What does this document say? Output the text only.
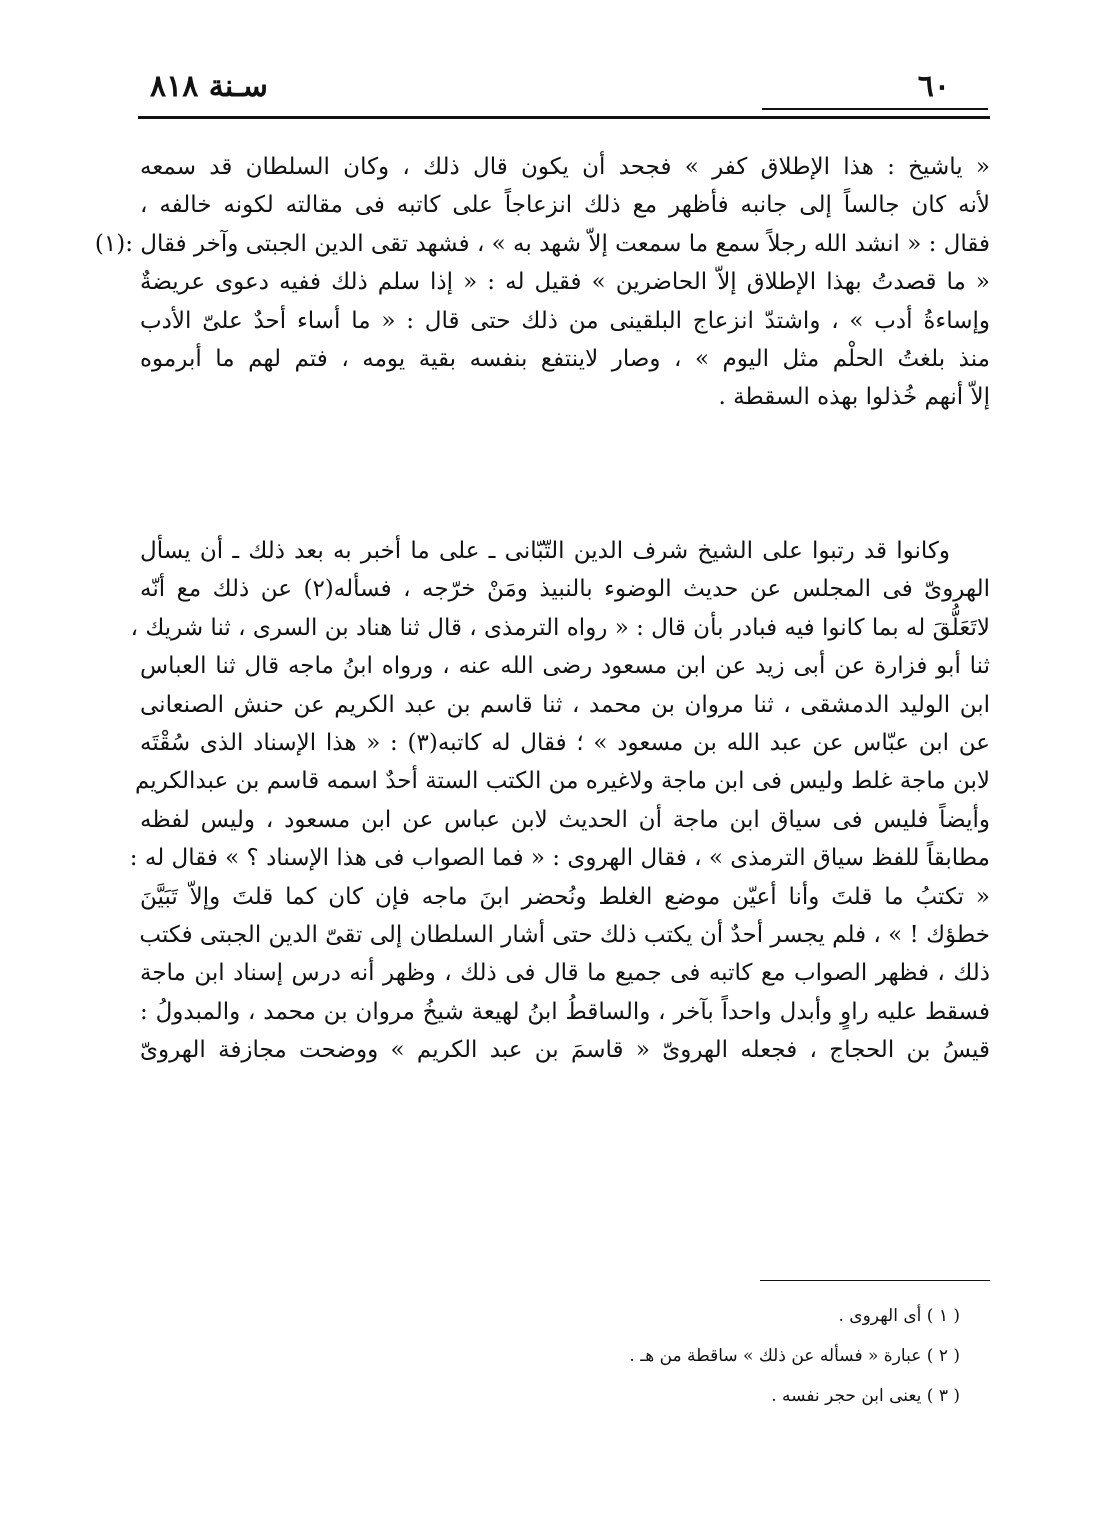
٦٠
سـنة ٨١٨
« ياشيخ : هذا الإطلاق كفر » فجحد أن يكون قال ذلك ، وكان السلطان قد سمعه
لأنه كان جالساً إلى جانبه فأظهر مع ذلك انزعاجاً على كاتبه فى مقالته لكونه خالفه ،
فقال : « انشد الله رجلاً سمع ما سمعت إلاّ شهد به » ، فشهد تقى الدين الجبتى وآخر فقال :(١)
« ما قصدتُ بهذا الإطلاق إلاّ الحاضرين » فقيل له : « إذا سلم ذلك ففيه دعوى عريضةٌ
وإساءةُ أدب » ، واشتدّ انزعاج البلقينى من ذلك حتى قال : « ما أساء أحدٌ علىّ الأدب
منذ بلغتُ الحلْم مثل اليوم » ، وصار لاينتفع بنفسه بقية يومه ، فتم لهم ما أبرموه
إلاّ أنهم خُذلوا بهذه السقطة .
وكانوا قد رتبوا على الشيخ شرف الدين التّبّانى ـ على ما أخبر به بعد ذلك ـ أن يسأل
الهروىّ فى المجلس عن حديث الوضوء بالنبيذ ومَنْ خرّجه ، فسأله(٢) عن ذلك مع أنّه
لاتَعَلُّقَ له بما كانوا فيه فبادر بأن قال : « رواه الترمذى ، قال ثنا هناد بن السرى ، ثنا شريك ،
ثنا أبو فزارة عن أبى زيد عن ابن مسعود رضى الله عنه ، ورواه ابنُ ماجه قال ثنا العباس
ابن الوليد الدمشقى ، ثنا مروان بن محمد ، ثنا قاسم بن عبد الكريم عن حنش الصنعانى
عن ابن عبّاس عن عبد الله بن مسعود » ؛ فقال له كاتبه(٣) : « هذا الإسناد الذى سُقْتَه
لابن ماجة غلط وليس فى ابن ماجة ولاغيره من الكتب الستة أحدٌ اسمه قاسم بن عبدالكريم
وأيضاً فليس فى سياق ابن ماجة أن الحديث لابن عباس عن ابن مسعود ، وليس لفظه
مطابقاً للفظ سياق الترمذى » ، فقال الهروى : « فما الصواب فى هذا الإسناد ؟ » فقال له :
« تكتبُ ما قلتَ وأنا أعيّن موضع الغلط ونُحضر ابنَ ماجه فإن كان كما قلتَ وإلاّ تَبَيَّنَ
خطؤك ! » ، فلم يجسر أحدٌ أن يكتب ذلك حتى أشار السلطان إلى تقىّ الدين الجبتى فكتب
ذلك ، فظهر الصواب مع كاتبه فى جميع ما قال فى ذلك ، وظهر أنه درس إسناد ابن ماجة
فسقط عليه راوٍ وأبدل واحداً بآخر ، والساقطُ ابنُ لهيعة شيخُ مروان بن محمد ، والمبدولُ :
قيسُ بن الحجاج ، فجعله الهروىّ « قاسمَ بن عبد الكريم » ووضحت مجازفة الهروىّ
( ١ ) أى الهروى .
( ٢ ) عبارة « فسأله عن ذلك » ساقطة من هـ .
( ٣ ) يعنى ابن حجر نفسه .
